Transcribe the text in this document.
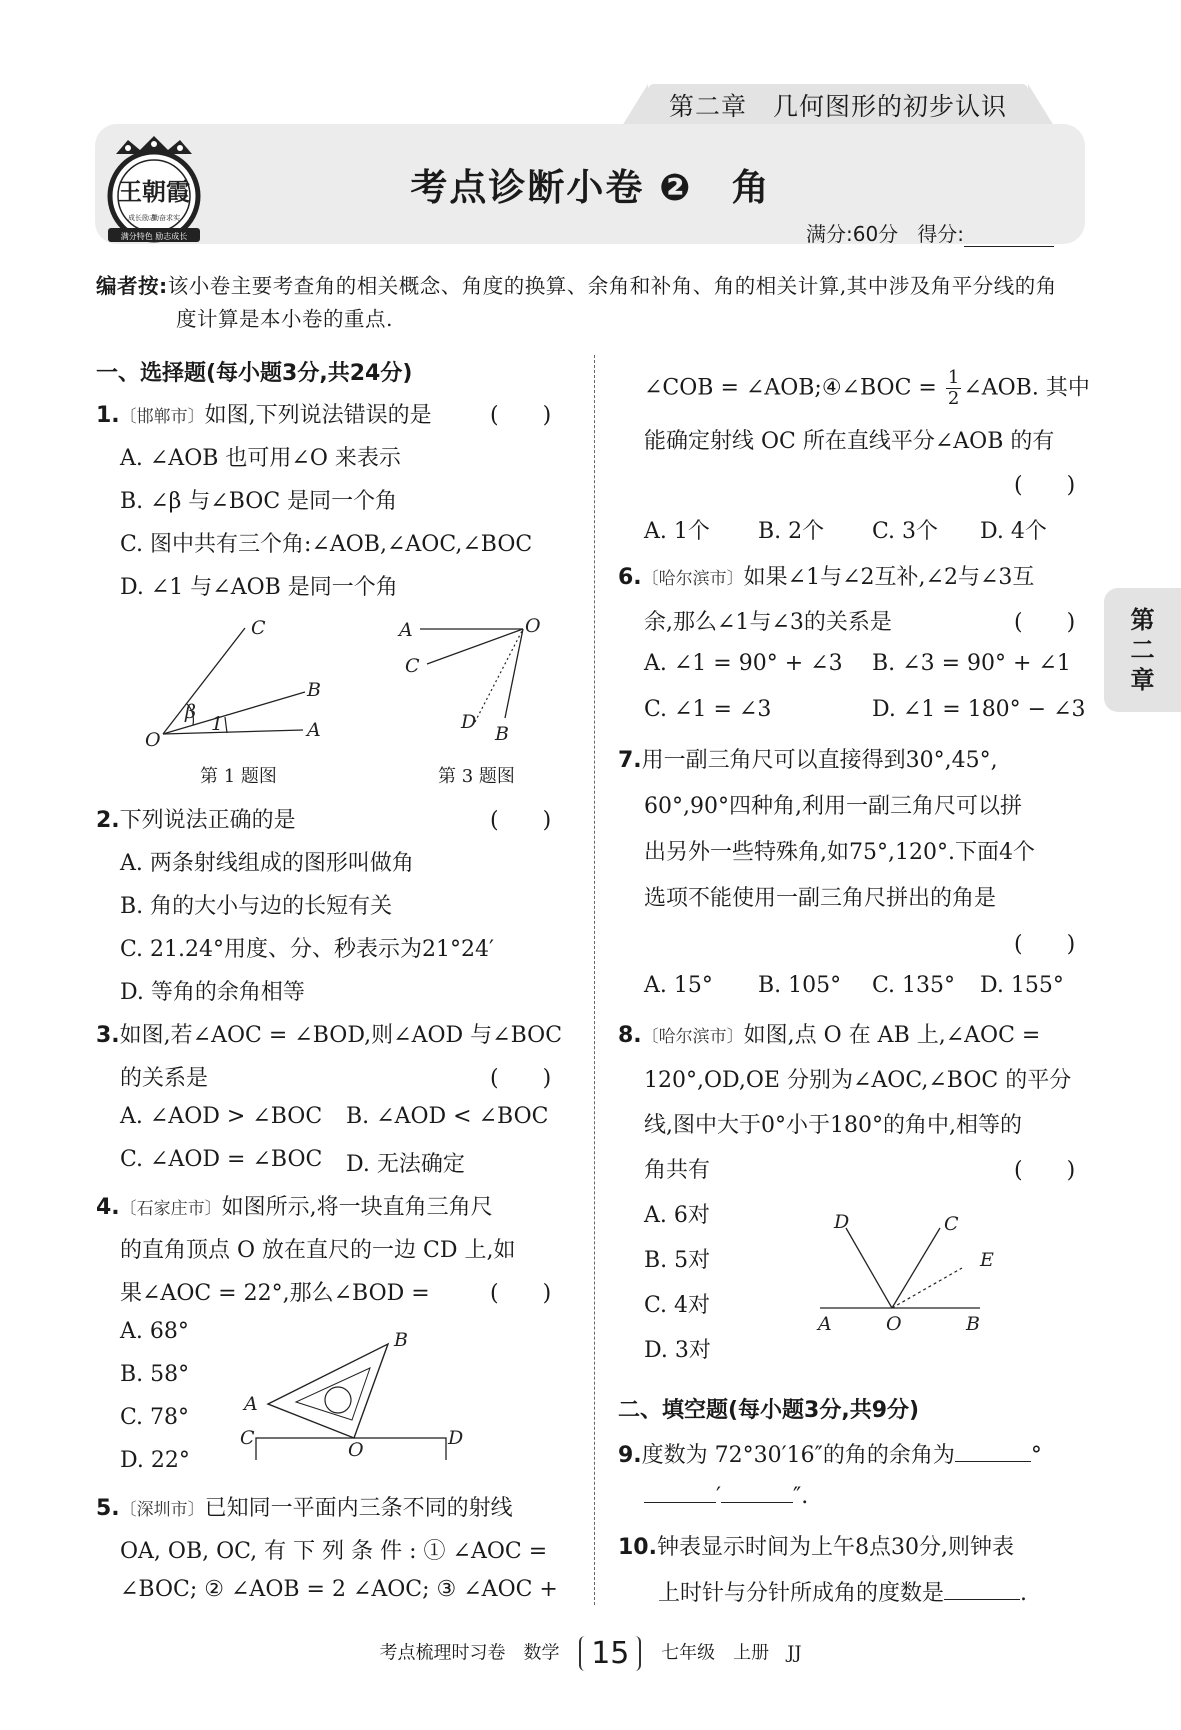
第二章　几何图形的初步认识
王朝霞
成长励志
勤奋求实
满分特色 励志成长
考点诊断小卷 ❷　角
满分:60分 得分:
编者按:该小卷主要考查角的相关概念、角度的换算、余角和补角、角的相关计算,其中涉及角平分线的角
度计算是本小卷的重点.
第
二
章
一、选择题(每小题3分,共24分)
1.〔邯郸市〕如图,下列说法错误的是	(　　)
A. ∠AOB 也可用∠O 来表示
B. ∠β 与∠BOC 是同一个角
C. 图中共有三个角:∠AOB,∠AOC,∠BOC
D. ∠1 与∠AOB 是同一个角
C
B
A
O
β
1
第 1 题图
A	O
C
D
B
第 3 题图
2.下列说法正确的是	(　　)
A. 两条射线组成的图形叫做角
B. 角的大小与边的长短有关
C. 21.24°用度、分、秒表示为21°24′
D. 等角的余角相等
3.如图,若∠AOC = ∠BOD,则∠AOD 与∠BOC
的关系是	(　　)
A. ∠AOD > ∠BOC B. ∠AOD < ∠BOC
C. ∠AOD = ∠BOC D. 无法确定
4.〔石家庄市〕如图所示,将一块直角三角尺
的直角顶点 O 放在直尺的一边 CD 上,如
果∠AOC = 22°,那么∠BOD =	(　　)
A. 68°
B. 58°
C. 78°
D. 22°
A
B
C
O
D
5.〔深圳市〕已知同一平面内三条不同的射线
OA, OB, OC, 有 下 列 条 件 : ① ∠AOC =
∠BOC; ② ∠AOB = 2 ∠AOC; ③ ∠AOC +
∠COB = ∠AOB;④∠BOC = $\frac{1}{2}$ ∠AOB. 其中
能确定射线 OC 所在直线平分∠AOB 的有
(　　)
A. 1个 B. 2个 C. 3个 D. 4个
6.〔哈尔滨市〕如果∠1与∠2互补,∠2与∠3互
余,那么∠1与∠3的关系是	(　　)
A. ∠1 = 90° + ∠3 B. ∠3 = 90° + ∠1
C. ∠1 = ∠3	D. ∠1 = 180° − ∠3
7.用一副三角尺可以直接得到30°,45°,
60°,90°四种角,利用一副三角尺可以拼
出另外一些特殊角,如75°,120°.下面4个
选项不能使用一副三角尺拼出的角是
(　　)
A. 15° B. 105° C. 135° D. 155°
8.〔哈尔滨市〕如图,点 O 在 AB 上,∠AOC =
120°,OD,OE 分别为∠AOC,∠BOC 的平分
线,图中大于0°小于180°的角中,相等的
角共有	(　　)
A. 6对
B. 5对
C. 4对
D. 3对
D	C
E
A	O	B
二、填空题(每小题3分,共9分)
9.度数为 72°30′16″的角的余角为	°
′	″.
10.钟表显示时间为上午8点30分,则钟表
上时针与分针所成角的度数是	.
考点梳理时习卷　数学 15 七年级　上册　JJ
